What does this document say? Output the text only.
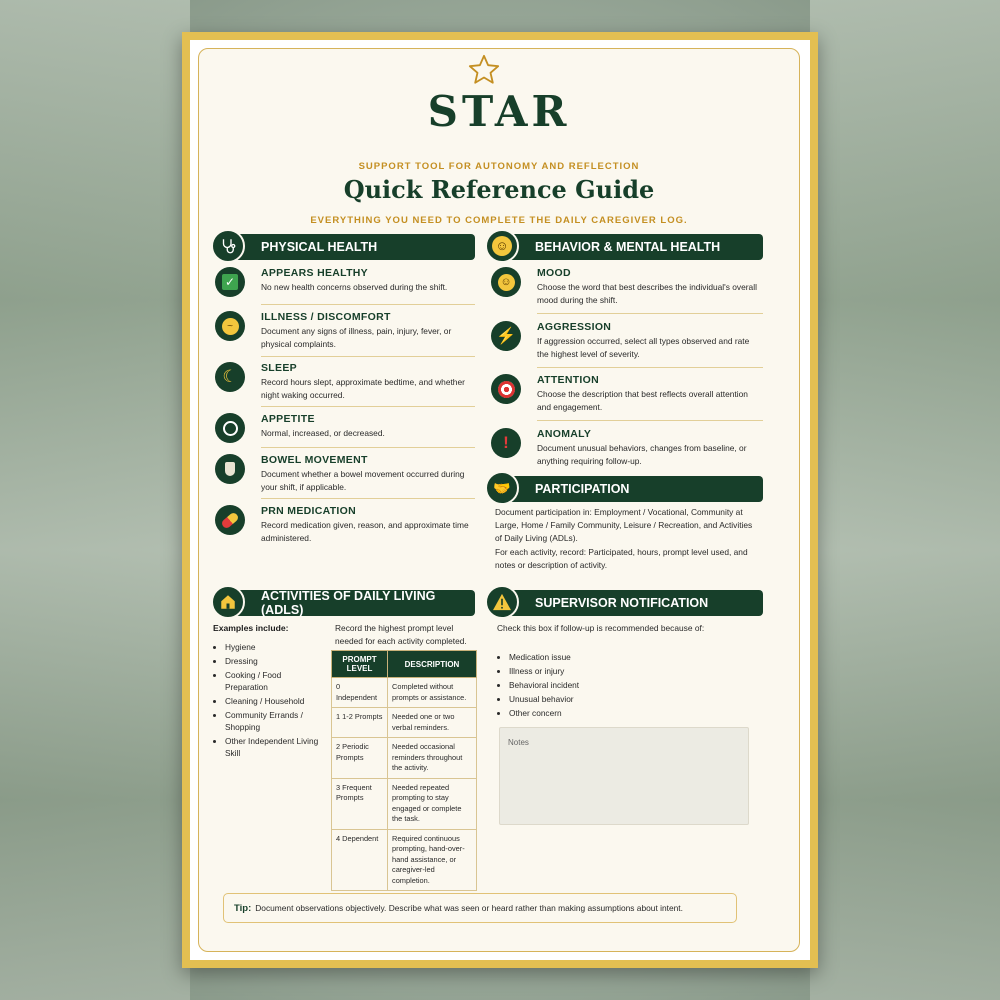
STAR
SUPPORT TOOL FOR AUTONOMY AND REFLECTION
Quick Reference Guide
EVERYTHING YOU NEED TO COMPLETE THE DAILY CAREGIVER LOG.
PHYSICAL HEALTH
✓
APPEARS HEALTHY
No new health concerns observed during the shift.
~
ILLNESS / DISCOMFORT
Document any signs of illness, pain, injury, fever, or physical complaints.
☾ SLEEP
Record hours slept, approximate bedtime, and whether night waking occurred.
APPETITE
Normal, increased, or decreased.
BOWEL MOVEMENT
Document whether a bowel movement occurred during your shift, if applicable.
PRN MEDICATION
Record medication given, reason, and approximate time administered.
BEHAVIOR & MENTAL HEALTH
☺
☺
MOOD
Choose the word that best describes the individual's overall mood during the shift.
⚡
AGGRESSION
If aggression occurred, select all types observed and rate the highest level of severity.
ATTENTION
Choose the description that best reflects overall attention and engagement.
!	ANOMALY
Document unusual behaviors, changes from baseline, or anything requiring follow-up.
PARTICIPATION
🤝
Document participation in: Employment / Vocational, Community at Large, Home / Family Community, Leisure / Recreation, and Activities of Daily Living (ADLs).
For each activity, record: Participated, hours, prompt level used, and notes or description of activity.
ACTIVITIES OF DAILY LIVING (ADLS)
Examples include:
• Hygiene
• Dressing
• Cooking / Food Preparation
• Cleaning / Household
• Community Errands / Shopping
• Other Independent Living Skill
Record the highest prompt level needed for each activity completed.
PROMPT LEVEL	DESCRIPTION
0 Independent	Completed without prompts or assistance.
1 1-2 Prompts	Needed one or two verbal reminders.
2 Periodic Prompts	Needed occasional reminders throughout the activity.
3 Frequent Prompts	Needed repeated prompting to stay engaged or complete the task.
4 Dependent	Required continuous prompting, hand-over-hand assistance, or caregiver-led completion.
SUPERVISOR NOTIFICATION
Check this box if follow-up is recommended because of:
• Medication issue
• Illness or injury
• Behavioral incident
• Unusual behavior
• Other concern
Notes
Tip: Document observations objectively. Describe what was seen or heard rather than making assumptions about intent.
